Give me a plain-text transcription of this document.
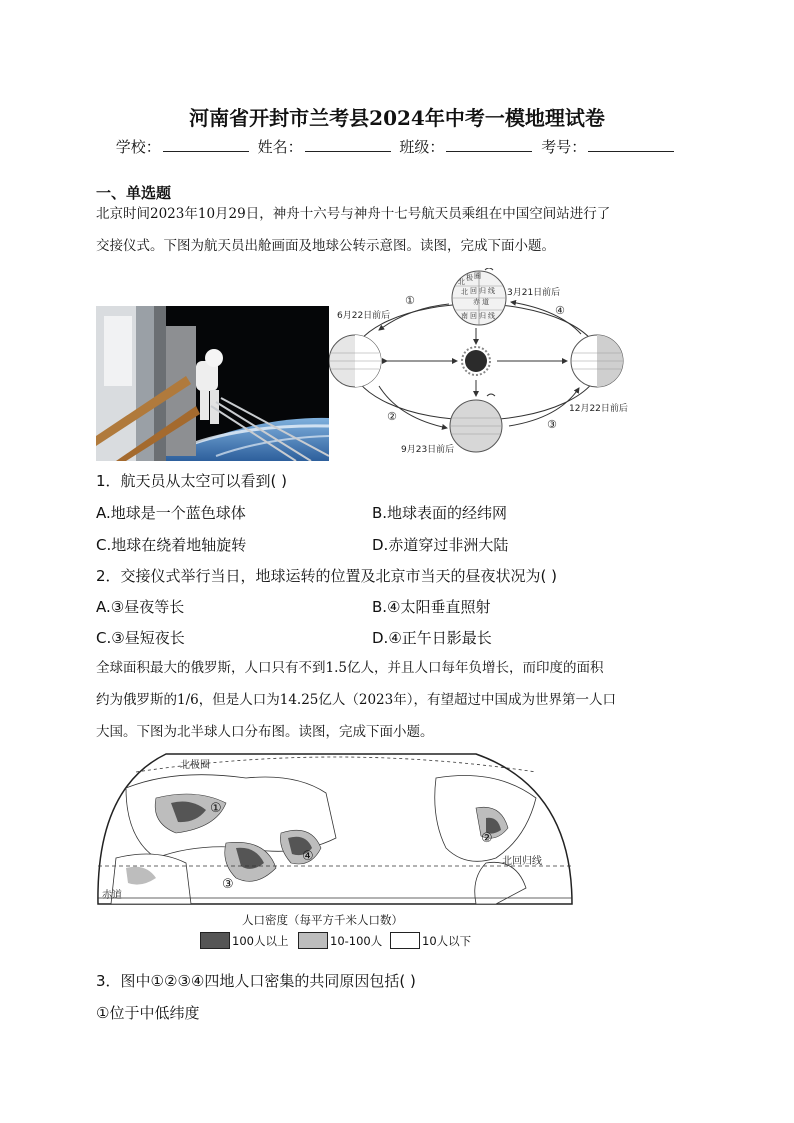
河南省开封市兰考县2024年中考一模地理试卷
学校：	姓名：	班级：	考号：
一、单选题
北京时间2023年10月29日，神舟十六号与神舟十七号航天员乘组在中国空间站进行了
交接仪式。下图为航天员出舱画面及地球公转示意图。读图，完成下面小题。
北 极 圈
北 回 归 线
赤 道
南 回 归 线
3月21日前后
6月22日前后
12月22日前后
9月23日前后
①
②
③
④
1．航天员从太空可以看到( )
A.地球是一个蓝色球体	B.地球表面的经纬网
C.地球在绕着地轴旋转	D.赤道穿过非洲大陆
2．交接仪式举行当日，地球运转的位置及北京市当天的昼夜状况为( )
A.③昼夜等长	B.④太阳垂直照射
C.③昼短夜长	D.④正午日影最长
全球面积最大的俄罗斯，人口只有不到1.5亿人，并且人口每年负增长，而印度的面积
约为俄罗斯的1/6，但是人口为14.25亿人（2023年），有望超过中国成为世界第一人口
大国。下图为北半球人口分布图。读图，完成下面小题。
北极圈
北回归线
赤道
①
②
③
④
人口密度（每平方千米人口数）
100人以上	10-100人	10人以下
3．图中①②③④四地人口密集的共同原因包括( )
①位于中低纬度
